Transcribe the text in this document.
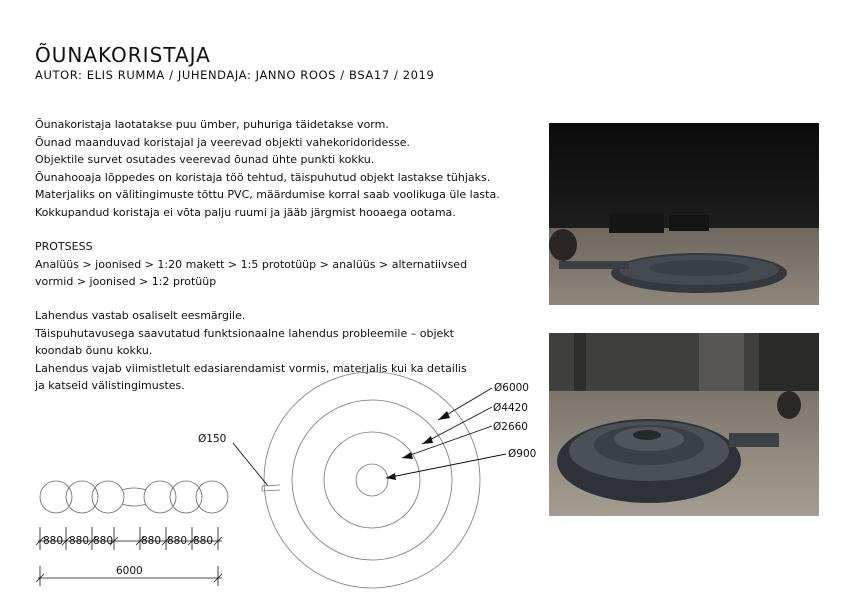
ÕUNAKORISTAJA
AUTOR: ELIS RUMMA / JUHENDAJA: JANNO ROOS / BSA17 / 2019
Õunakoristaja laotatakse puu ümber, puhuriga täidetakse vorm.
Õunad maanduvad koristajal ja veerevad objekti vahekoridoridesse.
Objektile survet osutades veerevad õunad ühte punkti kokku.
Õunahooaja lõppedes on koristaja töö tehtud, täispuhutud objekt lastakse tühjaks.
Materjaliks on välitingimuste tõttu PVC, määrdumise korral saab voolikuga üle lasta.
Kokkupandud koristaja ei võta palju ruumi ja jääb järgmist hooaega ootama.
PROTSESS
Analüüs > joonised > 1:20 makett > 1:5 prototüüp > analüüs > alternatiivsed
vormid > joonised > 1:2 protüüp
Lahendus vastab osaliselt eesmärgile.
Täispuhutavusega saavutatud funktsionaalne lahendus probleemile – objekt
koondab õunu kokku.
Lahendus vajab viimistletult edasiarendamist vormis, materjalis kui ka detailis
ja katseid välistingimustes.	Ø6000
Ø4420
Ø2660
Ø900
Ø150
880 880 880	880 880 880
6000
